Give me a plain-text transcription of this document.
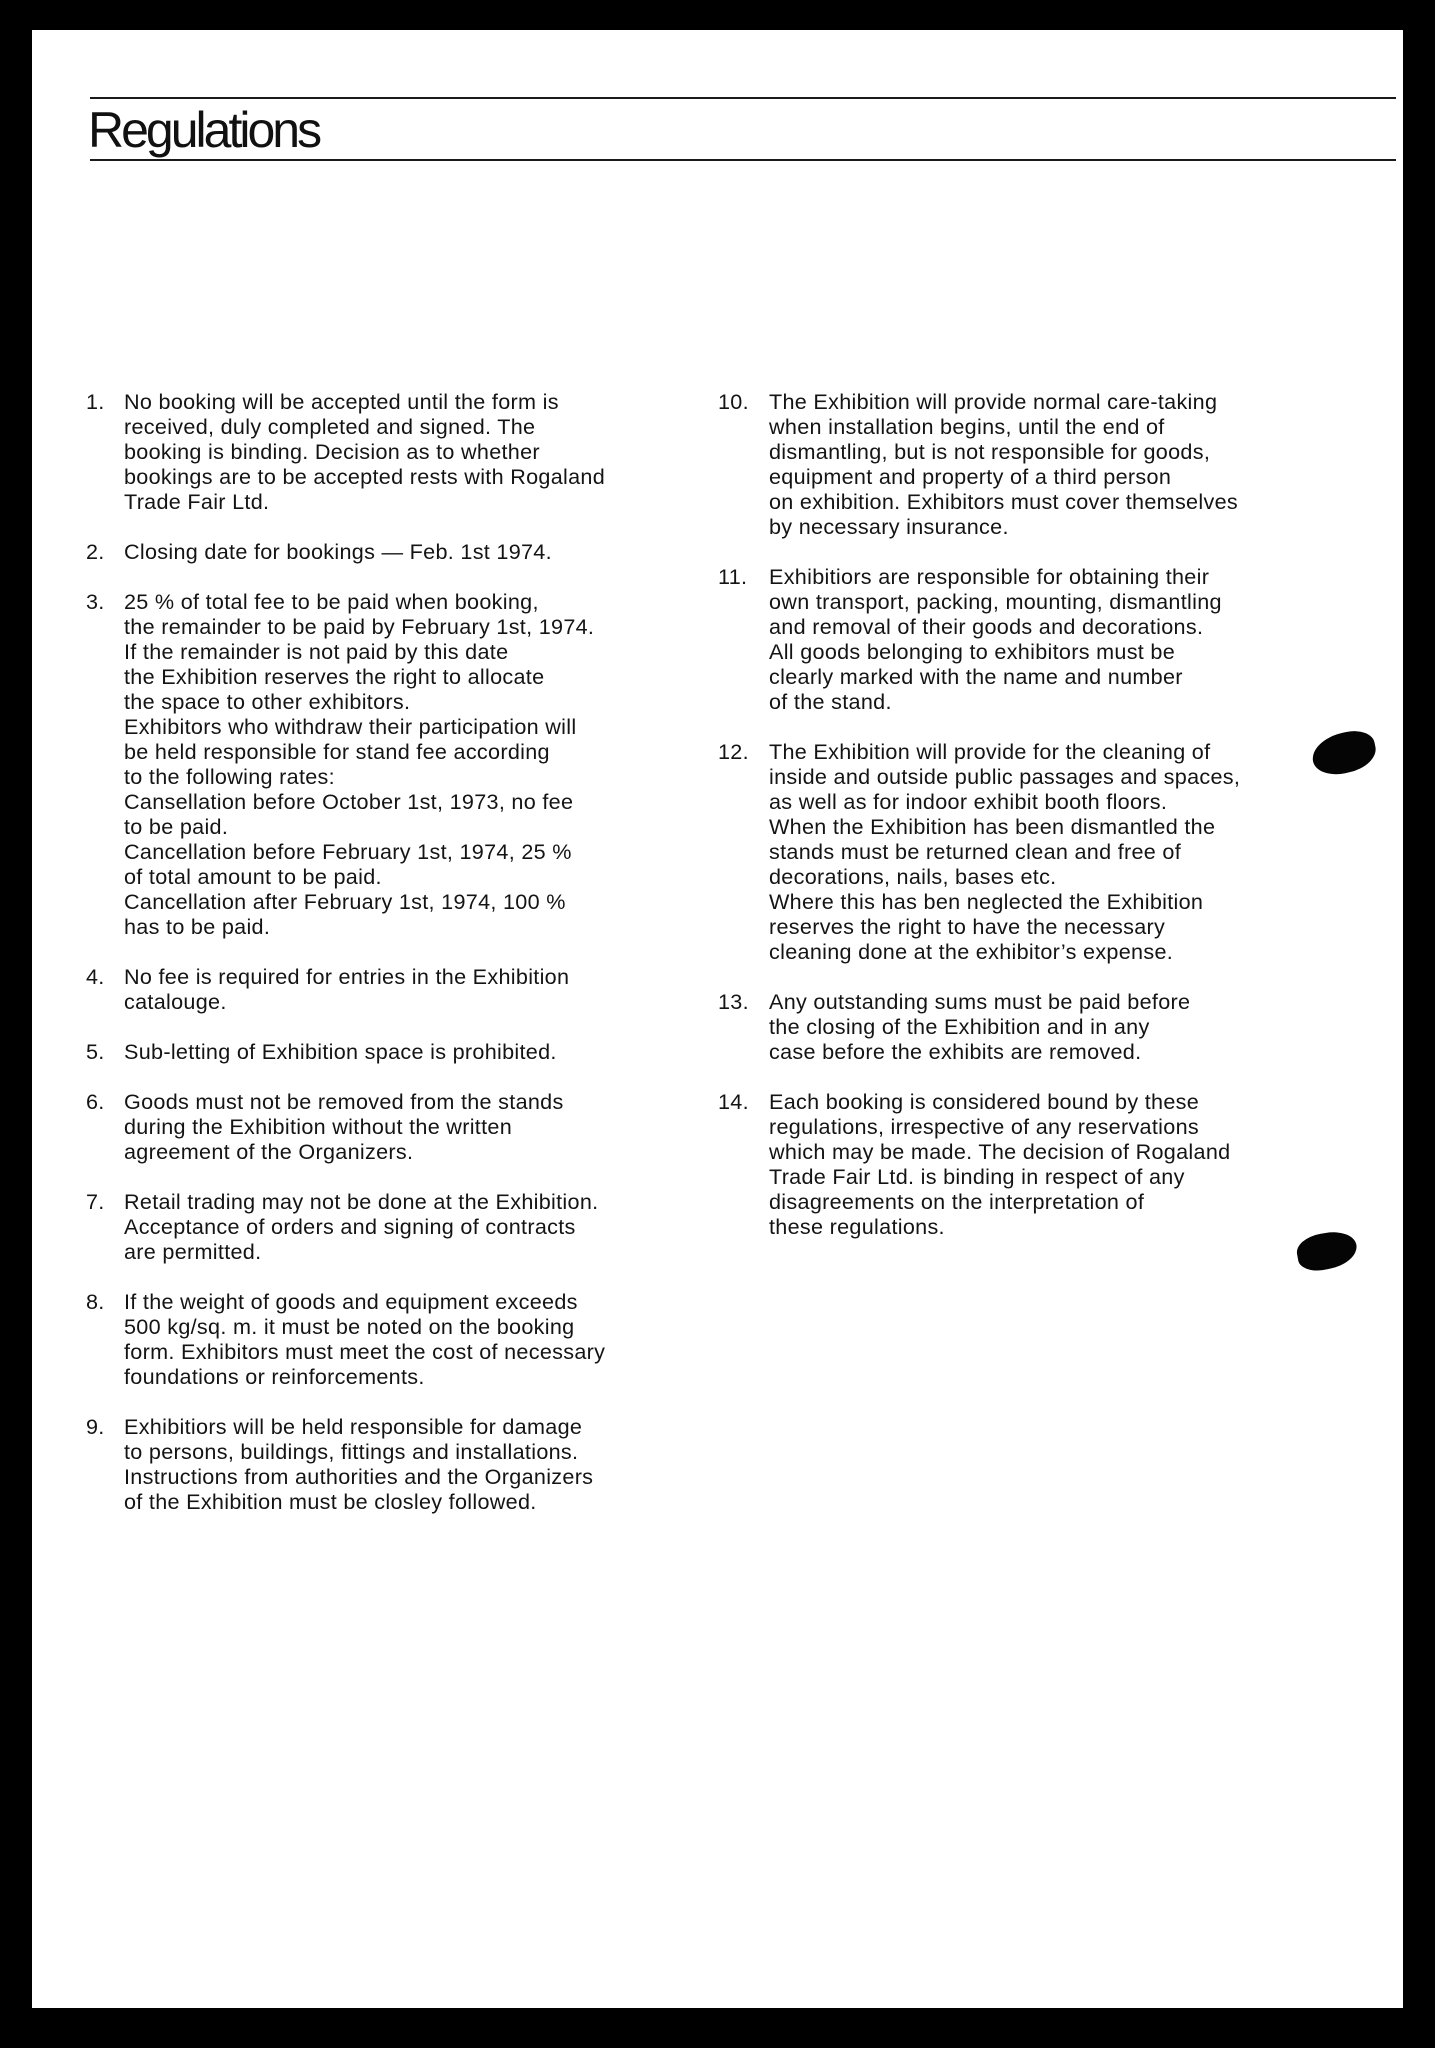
Regulations
1. No booking will be accepted until the form is
received, duly completed and signed. The
booking is binding. Decision as to whether
bookings are to be accepted rests with Rogaland
Trade Fair Ltd.
2. Closing date for bookings — Feb. 1st 1974.
3. 25 % of total fee to be paid when booking,
the remainder to be paid by February 1st, 1974.
If the remainder is not paid by this date
the Exhibition reserves the right to allocate
the space to other exhibitors.
Exhibitors who withdraw their participation will
be held responsible for stand fee according
to the following rates:
Cansellation before October 1st, 1973, no fee
to be paid.
Cancellation before February 1st, 1974, 25 %
of total amount to be paid.
Cancellation after February 1st, 1974, 100 %
has to be paid.
4. No fee is required for entries in the Exhibition
catalouge.
5. Sub-letting of Exhibition space is prohibited.
6. Goods must not be removed from the stands
during the Exhibition without the written
agreement of the Organizers.
7. Retail trading may not be done at the Exhibition.
Acceptance of orders and signing of contracts
are permitted.
8. If the weight of goods and equipment exceeds
500 kg/sq. m. it must be noted on the booking
form. Exhibitors must meet the cost of necessary
foundations or reinforcements.
9. Exhibitiors will be held responsible for damage
to persons, buildings, fittings and installations.
Instructions from authorities and the Organizers
of the Exhibition must be closley followed.
10. The Exhibition will provide normal care-taking
when installation begins, until the end of
dismantling, but is not responsible for goods,
equipment and property of a third person
on exhibition. Exhibitors must cover themselves
by necessary insurance.
11. Exhibitiors are responsible for obtaining their
own transport, packing, mounting, dismantling
and removal of their goods and decorations.
All goods belonging to exhibitors must be
clearly marked with the name and number
of the stand.
12. The Exhibition will provide for the cleaning of
inside and outside public passages and spaces,
as well as for indoor exhibit booth floors.
When the Exhibition has been dismantled the
stands must be returned clean and free of
decorations, nails, bases etc.
Where this has ben neglected the Exhibition
reserves the right to have the necessary
cleaning done at the exhibitor’s expense.
13. Any outstanding sums must be paid before
the closing of the Exhibition and in any
case before the exhibits are removed.
14. Each booking is considered bound by these
regulations, irrespective of any reservations
which may be made. The decision of Rogaland
Trade Fair Ltd. is binding in respect of any
disagreements on the interpretation of
these regulations.
